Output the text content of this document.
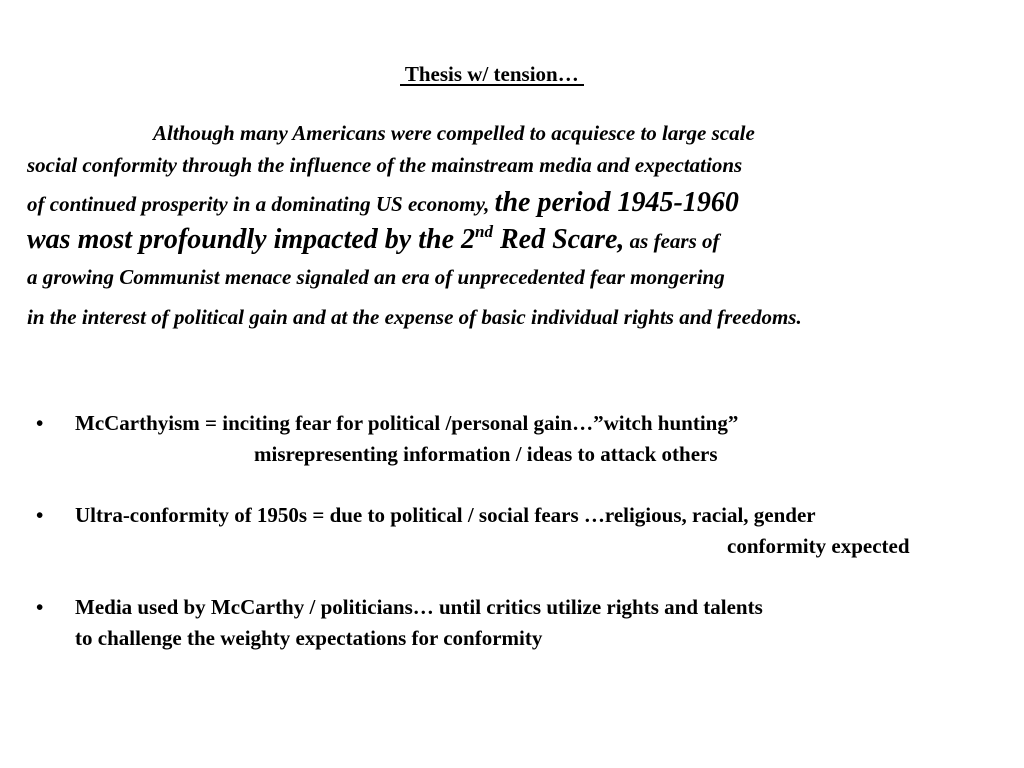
Thesis w/ tension…
Although many Americans were compelled to acquiesce to large scale
social conformity through the influence of the mainstream media and expectations
of continued prosperity in a dominating US economy, the period 1945-1960
was most profoundly impacted by the 2nd Red Scare, as fears of
a growing Communist menace signaled an era of unprecedented fear mongering
in the interest of political gain and at the expense of basic individual rights and freedoms.
• McCarthyism = inciting fear for political /personal gain…”witch hunting”
misrepresenting information / ideas to attack others
• Ultra-conformity of 1950s = due to political / social fears …religious, racial, gender
conformity expected
• Media used by McCarthy / politicians… until critics utilize rights and talents
to challenge the weighty expectations for conformity
